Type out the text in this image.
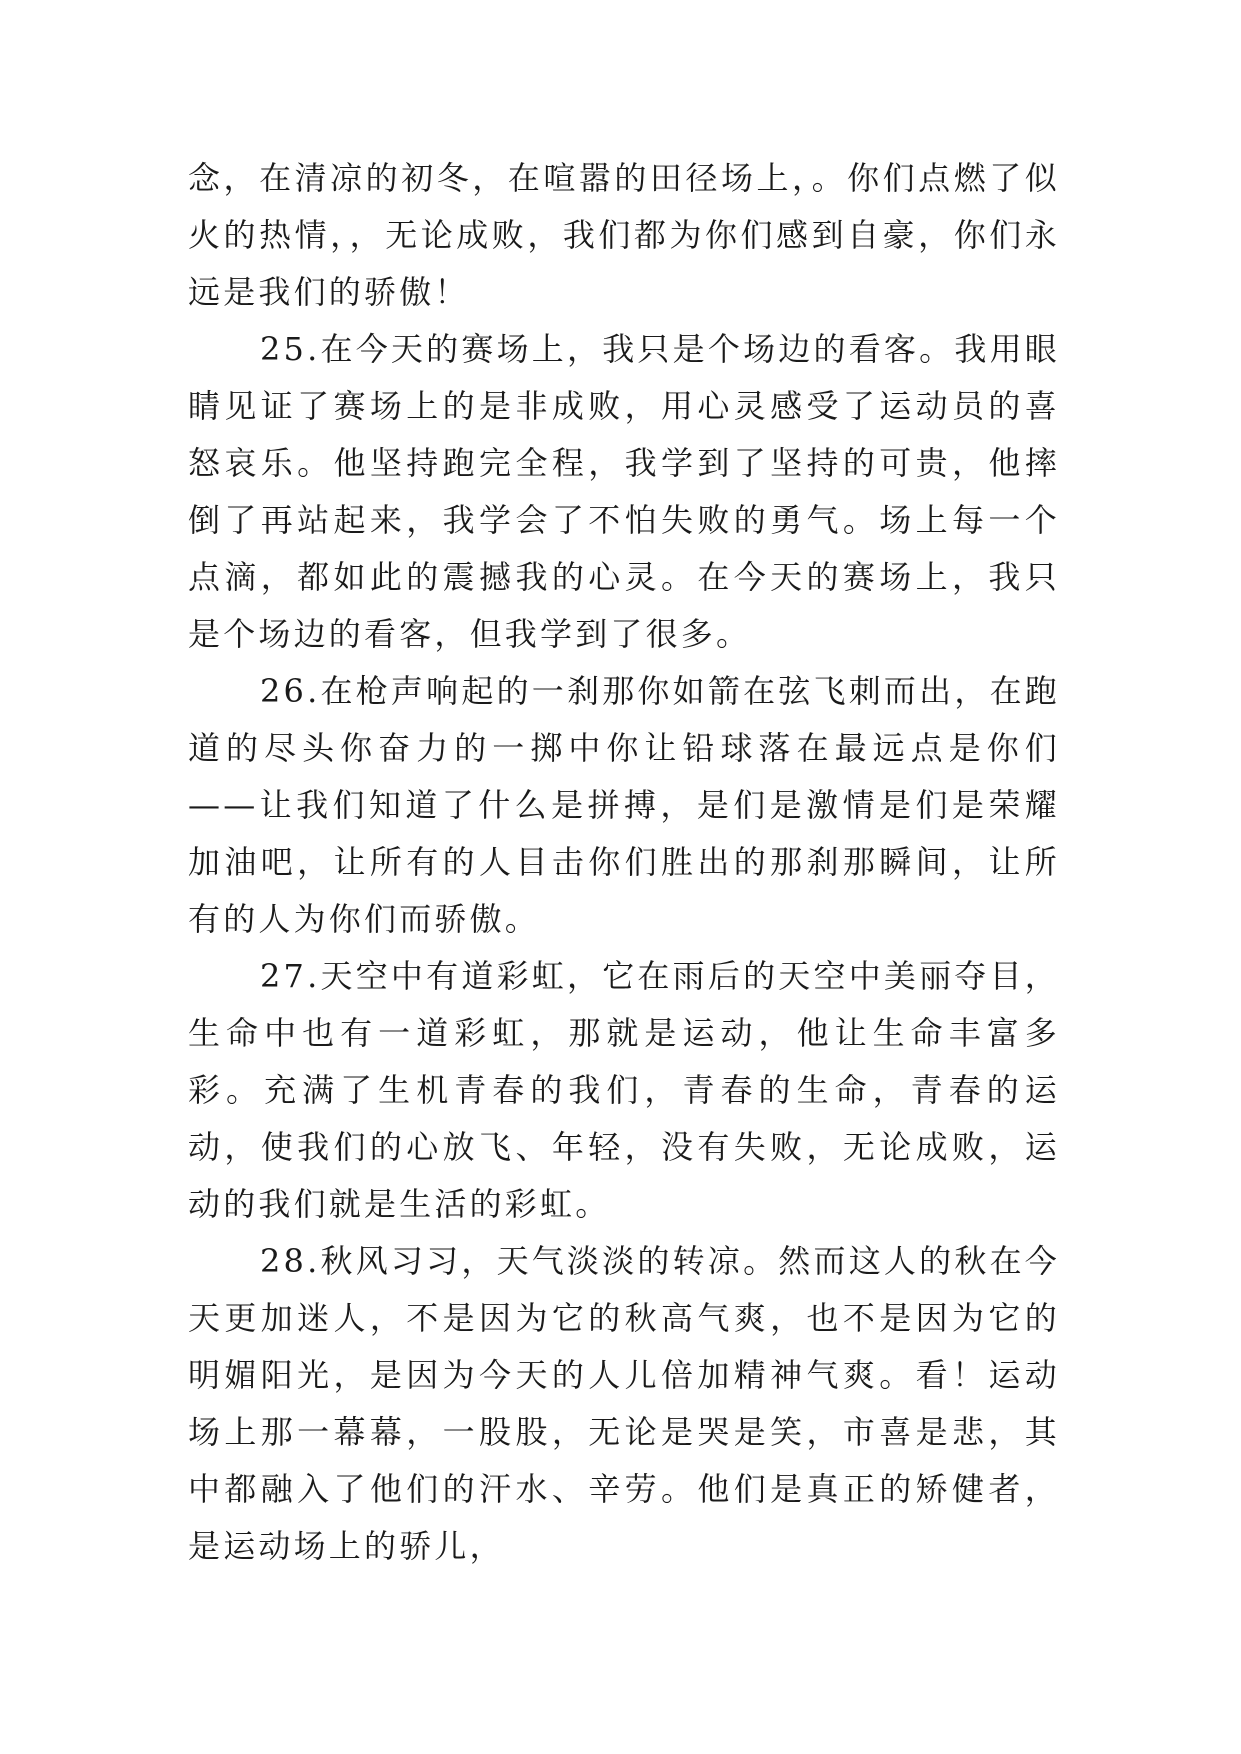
念，在清凉的初冬，在喧嚣的田径场上，。你们点燃了似火的热情，，无论成败，我们都为你们感到自豪，你们永远是我们的骄傲！

25.在今天的赛场上，我只是个场边的看客。我用眼睛见证了赛场上的是非成败，用心灵感受了运动员的喜怒哀乐。他坚持跑完全程，我学到了坚持的可贵，他摔倒了再站起来，我学会了不怕失败的勇气。场上每一个点滴，都如此的震撼我的心灵。在今天的赛场上，我只是个场边的看客，但我学到了很多。

26.在枪声响起的一刹那你如箭在弦飞刺而出，在跑道的尽头你奋力的一掷中你让铅球落在最远点是你们——让我们知道了什么是拼搏，是们是激情是们是荣耀加油吧，让所有的人目击你们胜出的那刹那瞬间，让所有的人为你们而骄傲。

27.天空中有道彩虹，它在雨后的天空中美丽夺目，生命中也有一道彩虹，那就是运动，他让生命丰富多彩。充满了生机青春的我们，青春的生命，青春的运动，使我们的心放飞、年轻，没有失败，无论成败，运动的我们就是生活的彩虹。

28.秋风习习，天气淡淡的转凉。然而这人的秋在今天更加迷人，不是因为它的秋高气爽，也不是因为它的明媚阳光，是因为今天的人儿倍加精神气爽。看！运动场上那一幕幕，一股股，无论是哭是笑，市喜是悲，其中都融入了他们的汗水、辛劳。他们是真正的矫健者，是运动场上的骄儿，
